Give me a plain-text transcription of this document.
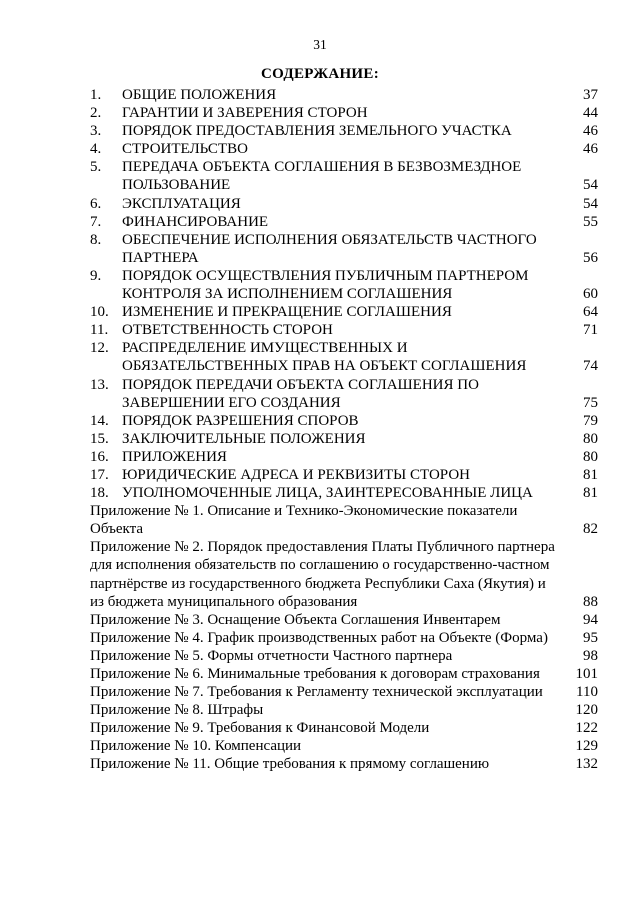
31
СОДЕРЖАНИЕ:
1.	ОБЩИЕ ПОЛОЖЕНИЯ	37
2.	ГАРАНТИИ И ЗАВЕРЕНИЯ СТОРОН	44
3.	ПОРЯДОК ПРЕДОСТАВЛЕНИЯ ЗЕМЕЛЬНОГО УЧАСТКА	46
4.	СТРОИТЕЛЬСТВО	46
5.	ПЕРЕДАЧА ОБЪЕКТА СОГЛАШЕНИЯ В БЕЗВОЗМЕЗДНОЕ
ПОЛЬЗОВАНИЕ	54
6.	ЭКСПЛУАТАЦИЯ	54
7.	ФИНАНСИРОВАНИЕ	55
8.	ОБЕСПЕЧЕНИЕ ИСПОЛНЕНИЯ ОБЯЗАТЕЛЬСТВ ЧАСТНОГО
ПАРТНЕРА	56
9.	ПОРЯДОК ОСУЩЕСТВЛЕНИЯ ПУБЛИЧНЫМ ПАРТНЕРОМ
КОНТРОЛЯ ЗА ИСПОЛНЕНИЕМ СОГЛАШЕНИЯ	60
10. ИЗМЕНЕНИЕ И ПРЕКРАЩЕНИЕ СОГЛАШЕНИЯ	64
11. ОТВЕТСТВЕННОСТЬ СТОРОН	71
12. РАСПРЕДЕЛЕНИЕ ИМУЩЕСТВЕННЫХ И
ОБЯЗАТЕЛЬСТВЕННЫХ ПРАВ НА ОБЪЕКТ СОГЛАШЕНИЯ	74
13. ПОРЯДОК ПЕРЕДАЧИ ОБЪЕКТА СОГЛАШЕНИЯ ПО
ЗАВЕРШЕНИИ ЕГО СОЗДАНИЯ	75
14. ПОРЯДОК РАЗРЕШЕНИЯ СПОРОВ	79
15. ЗАКЛЮЧИТЕЛЬНЫЕ ПОЛОЖЕНИЯ	80
16. ПРИЛОЖЕНИЯ	80
17. ЮРИДИЧЕСКИЕ АДРЕСА И РЕКВИЗИТЫ СТОРОН	81
18. УПОЛНОМОЧЕННЫЕ ЛИЦА, ЗАИНТЕРЕСОВАННЫЕ ЛИЦА	81
Приложение № 1. Описание и Технико-Экономические показатели
Объекта	82
Приложение № 2. Порядок предоставления Платы Публичного партнера
для исполнения обязательств по соглашению о государственно-частном
партнёрстве из государственного бюджета Республики Саха (Якутия) и
из бюджета муниципального образования	88
Приложение № 3. Оснащение Объекта Соглашения Инвентарем	94
Приложение № 4. График производственных работ на Объекте (Форма)	95
Приложение № 5. Формы отчетности Частного партнера	98
Приложение № 6. Минимальные требования к договорам страхования	101
Приложение № 7. Требования к Регламенту технической эксплуатации	110
Приложение № 8. Штрафы	120
Приложение № 9. Требования к Финансовой Модели	122
Приложение № 10. Компенсации	129
Приложение № 11. Общие требования к прямому соглашению	132
